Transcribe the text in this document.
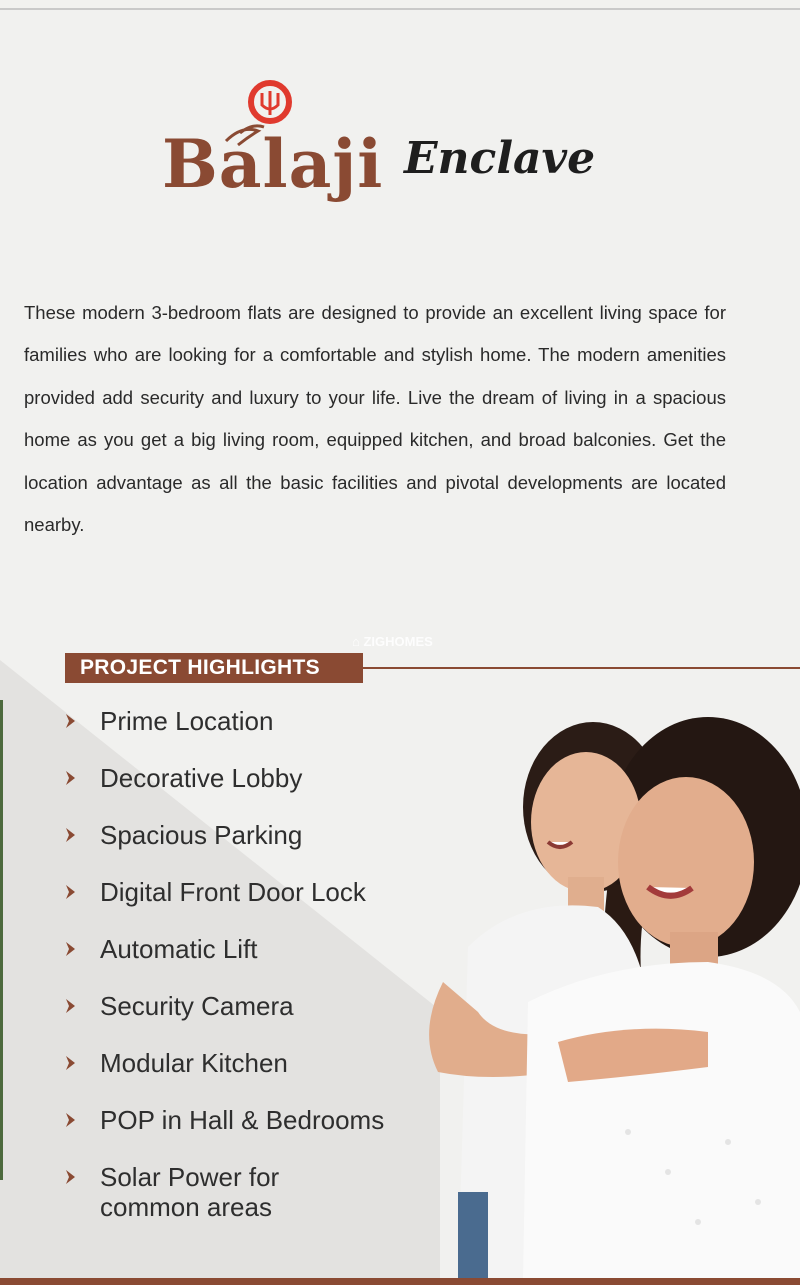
Balaji Enclave

These modern 3-bedroom flats are designed to provide an excellent living space for families who are looking for a comfortable and stylish home. The modern amenities provided add security and luxury to your life. Live the dream of living in a spacious home as you get a big living room, equipped kitchen, and broad balconies. Get the location advantage as all the basic facilities and pivotal developments are located nearby.

⌂ ZIGHOMES
PROJECT HIGHLIGHTS
Prime Location
Decorative Lobby
Spacious Parking
Digital Front Door Lock
Automatic Lift
Security Camera
Modular Kitchen
POP in Hall & Bedrooms
Solar Power for common areas
